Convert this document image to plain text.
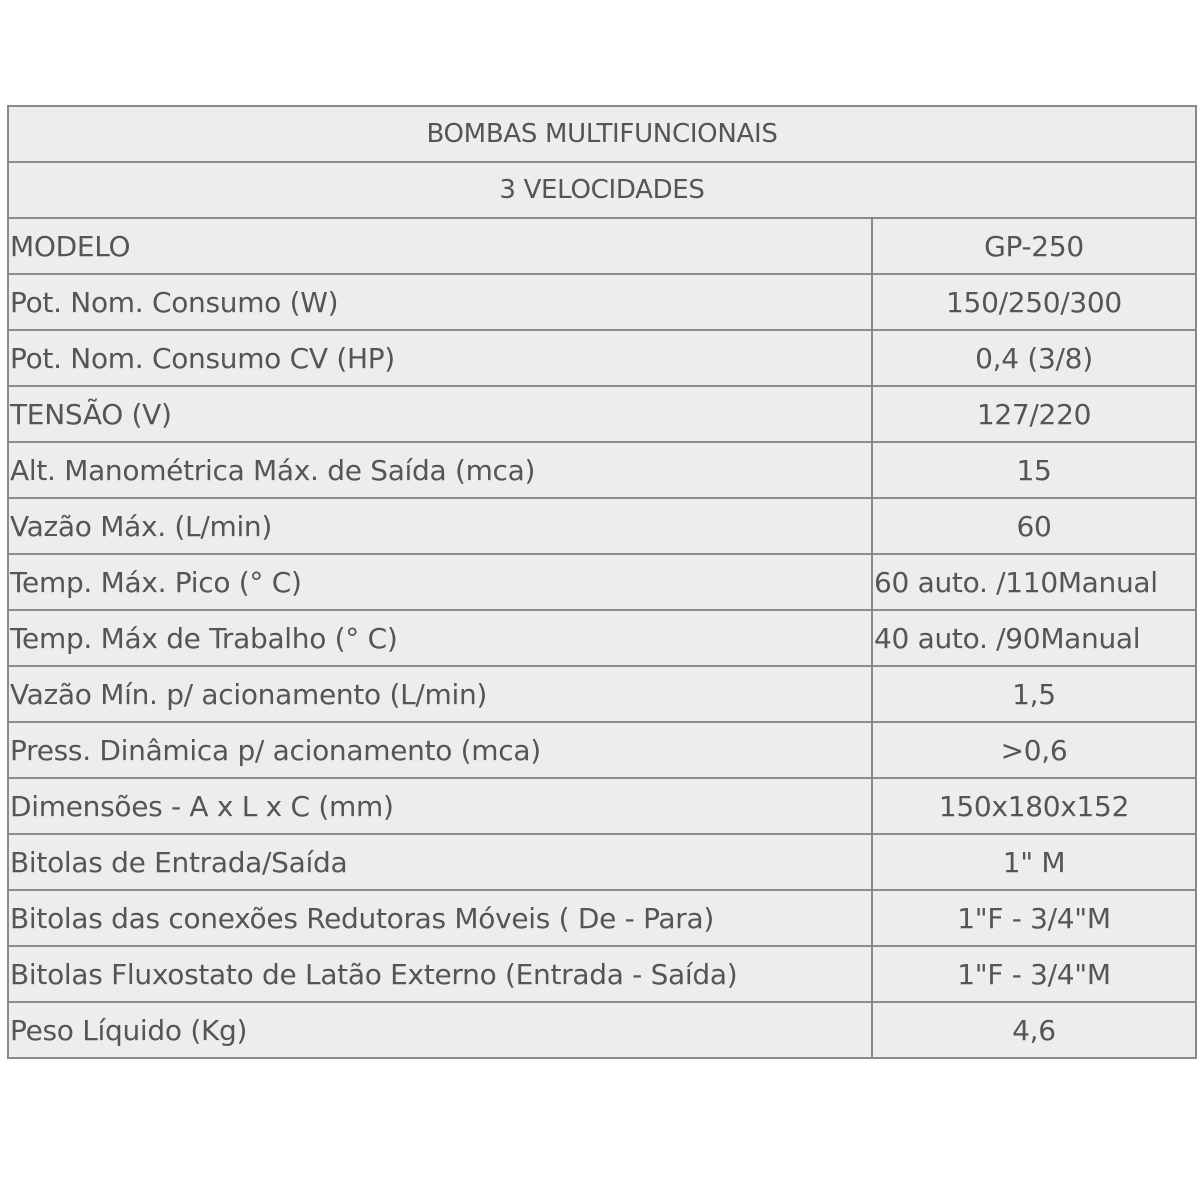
BOMBAS MULTIFUNCIONAIS	
3 VELOCIDADES	
MODELO	GP-250
Pot. Nom. Consumo (W)	150/250/300
Pot. Nom. Consumo CV (HP)	0,4 (3/8)
TENSÃO (V)	127/220
Alt. Manométrica Máx. de Saída (mca)	15
Vazão Máx. (L/min)	60
Temp. Máx. Pico (° C)	60 auto. /110Manual
Temp. Máx de Trabalho (° C)	40 auto. /90Manual
Vazão Mín. p/ acionamento (L/min)	1,5
Press. Dinâmica p/ acionamento (mca)	>0,6
Dimensões - A x L x C (mm)	150x180x152
Bitolas de Entrada/Saída	1" M
Bitolas das conexões Redutoras Móveis ( De - Para)	1"F - 3/4"M
Bitolas Fluxostato de Latão Externo (Entrada - Saída)	1"F - 3/4"M
Peso Líquido (Kg)	4,6
